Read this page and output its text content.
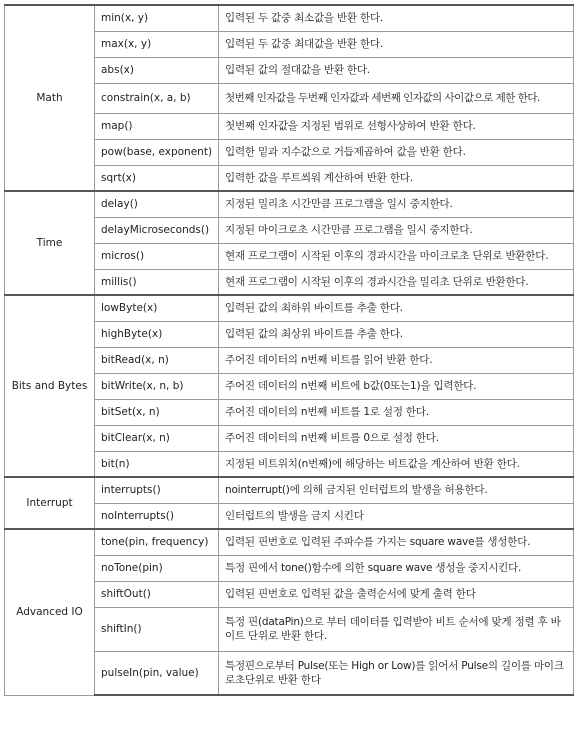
Math	min(x, y)	입력된 두 값중 최소값을 반환 한다.
	max(x, y)	입력된 두 값중 최대값을 반환 한다.
	abs(x)	입력된 값의 절대값을 반환 한다.
	constrain(x, a, b)	첫번째 인자값을 두번째 인자값과 세번째 인자값의 사이값으로 제한 한다.
	map()	첫번째 인자값을 지정된 범위로 선형사상하여 반환 한다.
	pow(base, exponent)	입력한 밑과 지수값으로 거듭제곱하여 값을 반환 한다.
	sqrt(x)	입력한 값을 루트씌워 계산하여 반환 한다.
Time	delay()	지정된 밀리초 시간만큼 프로그램을 일시 중지한다.
	delayMicroseconds()	지정된 마이크로초 시간만큼 프로그램을 일시 중지한다.
	micros()	현재 프로그램이 시작된 이후의 경과시간을 마이크로초 단위로 반환한다.
	millis()	현재 프로그램이 시작된 이후의 경과시간을 밀리초 단위로 반환한다.
Bits and Bytes	lowByte(x)	입력된 값의 최하위 바이트를 추출 한다.
	highByte(x)	입력된 값의 최상위 바이트를 추출 한다.
	bitRead(x, n)	주어진 데이터의 n번째 비트를 읽어 반환 한다.
	bitWrite(x, n, b)	주어진 데이터의 n번째 비트에 b값(0또는1)을 입력한다.
	bitSet(x, n)	주어진 데이터의 n번째 비트를 1로 설정 한다.
	bitClear(x, n)	주어진 데이터의 n번째 비트를 0으로 설정 한다.
	bit(n)	지정된 비트위치(n번째)에 해당하는 비트값을 계산하여 반환 한다.
Interrupt	interrupts()	nointerrupt()에 의해 금지된 인터럽트의 발생을 허용한다.
	noInterrupts()	인터럽트의 발생을 금지 시킨다
Advanced IO	tone(pin, frequency)	입력된 핀번호로 입력된 주파수를 가지는 square wave를 생성한다.
	noTone(pin)	특정 핀에서 tone()함수에 의한 square wave 생성을 중지시킨다.
	shiftOut()	입력된 핀번호로 입력된 값을 출력순서에 맞게 출력 한다
	shiftIn()	특정 핀(dataPin)으로 부터 데이터를 입력받아 비트 순서에 맞게 정렬 후 바이트 단위로 반환 한다.
	pulseIn(pin, value)	특정핀으로부터 Pulse(또는 High or Low)를 읽어서 Pulse의 길이를 마이크로초단위로 반환 한다
